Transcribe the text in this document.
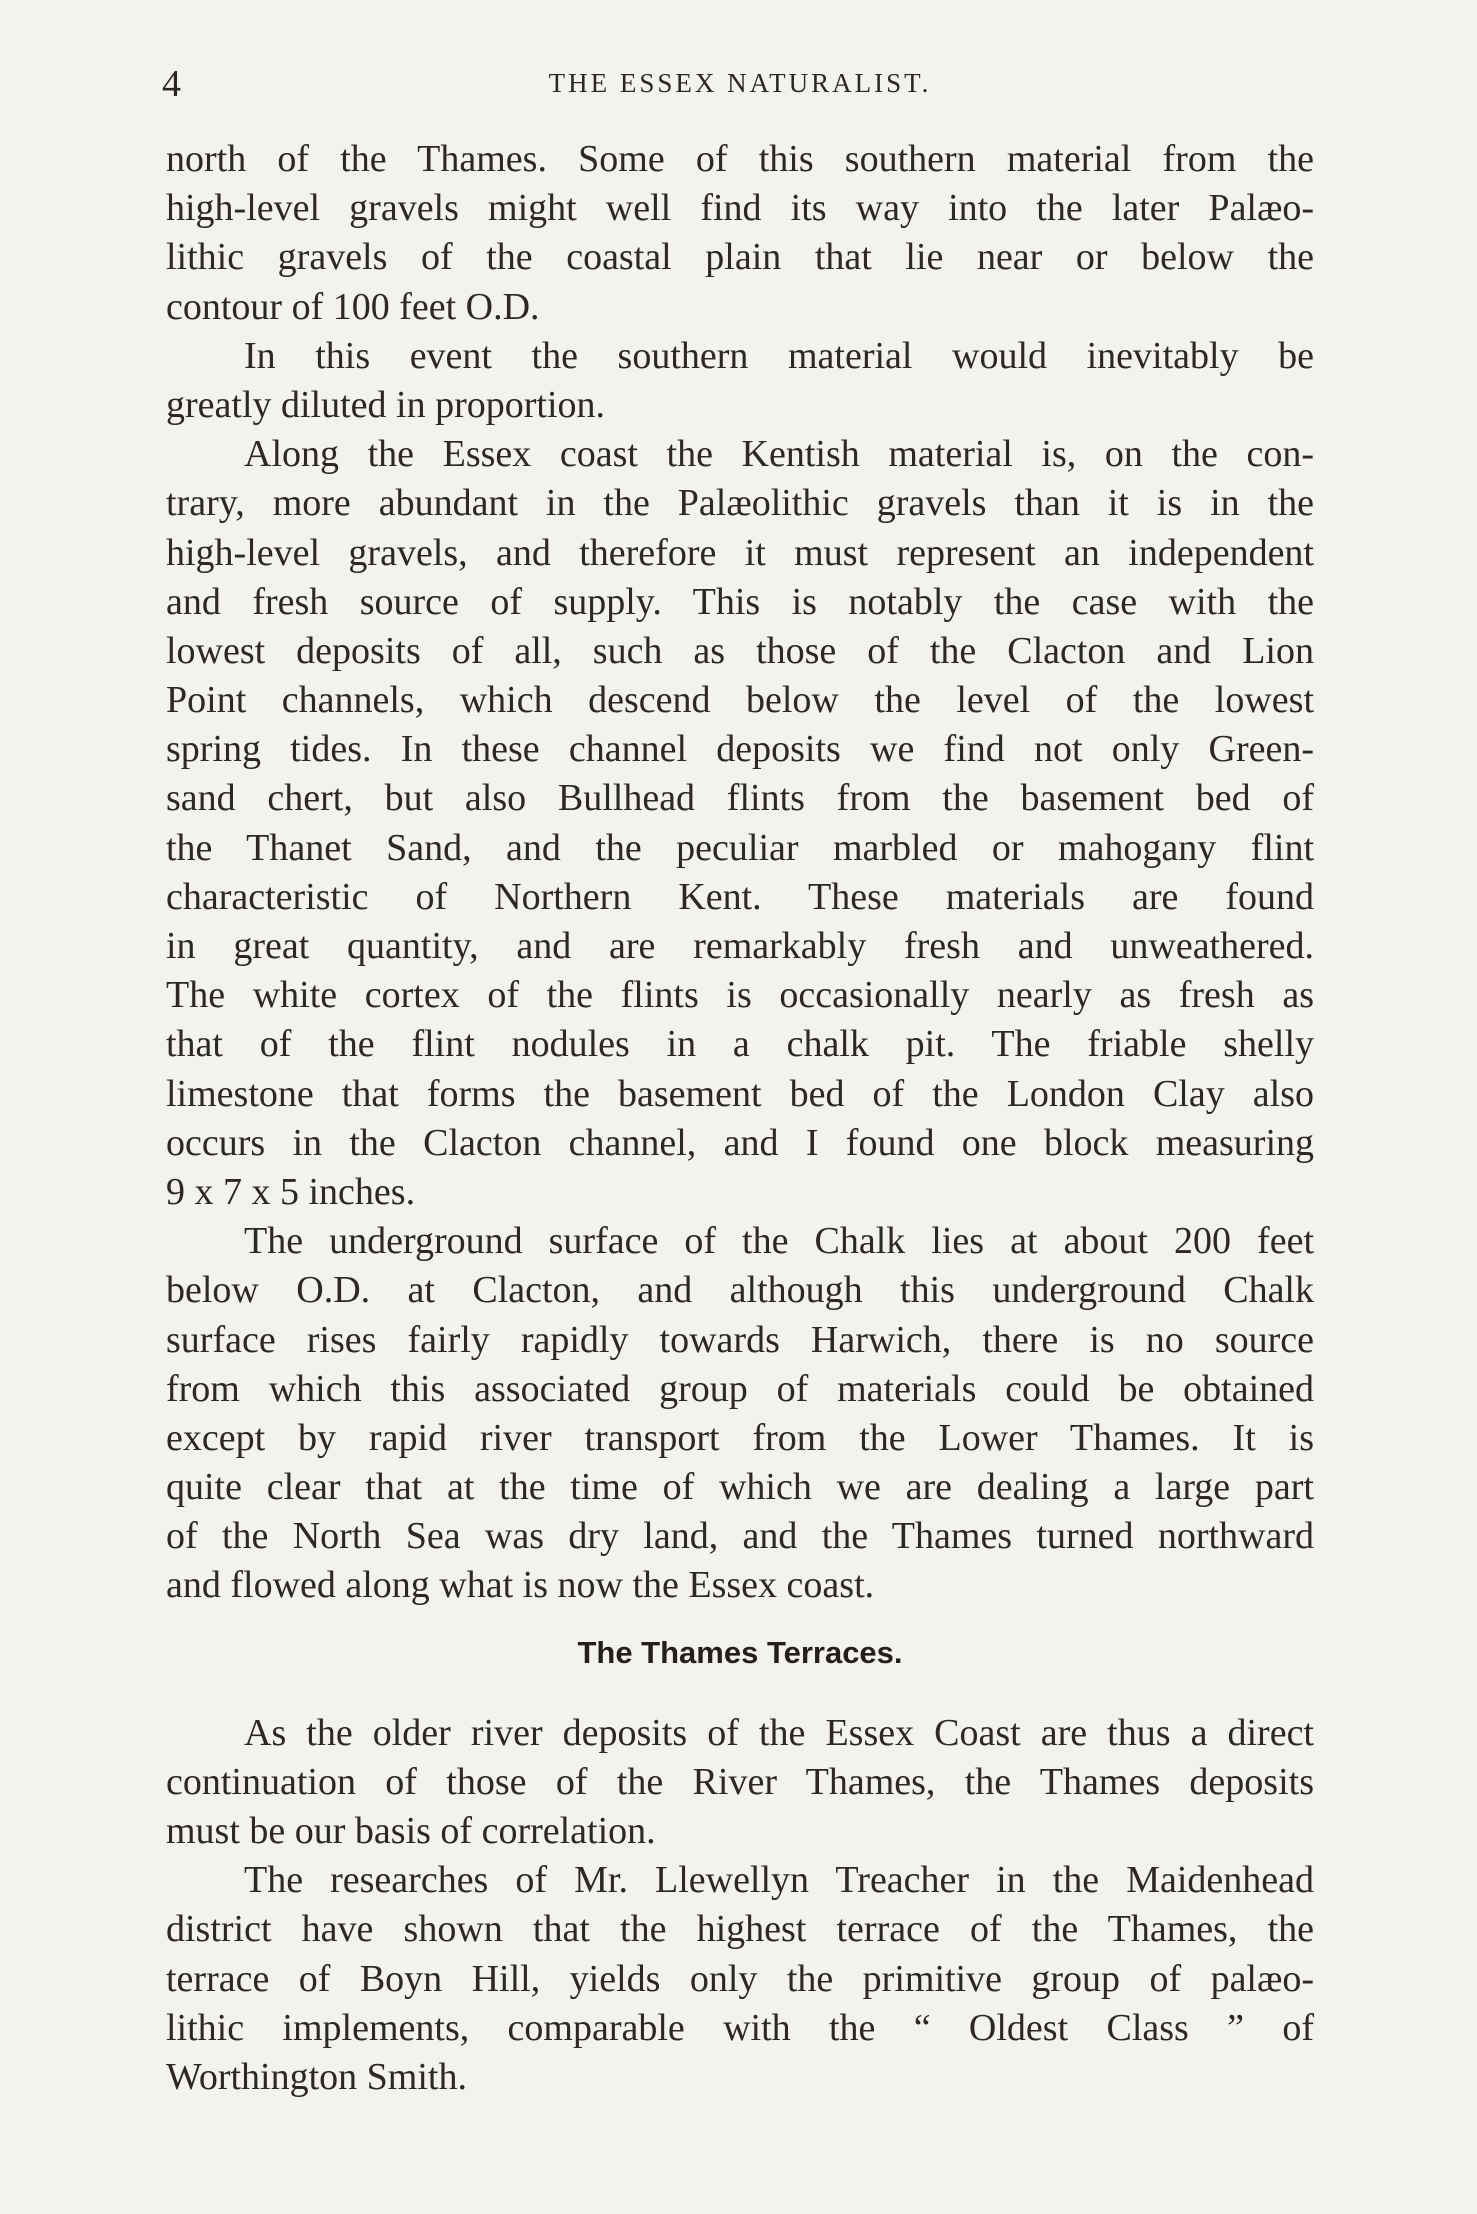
4	THE ESSEX NATURALIST.
north of the Thames. Some of this southern material from the
high-level gravels might well find its way into the later Palæo-
lithic gravels of the coastal plain that lie near or below the
contour of 100 feet O.D.
In this event the southern material would inevitably be
greatly diluted in proportion.
Along the Essex coast the Kentish material is, on the con-
trary, more abundant in the Palæolithic gravels than it is in the
high-level gravels, and therefore it must represent an independent
and fresh source of supply. This is notably the case with the
lowest deposits of all, such as those of the Clacton and Lion
Point channels, which descend below the level of the lowest
spring tides. In these channel deposits we find not only Green-
sand chert, but also Bullhead flints from the basement bed of
the Thanet Sand, and the peculiar marbled or mahogany flint
characteristic of Northern Kent. These materials are found
in great quantity, and are remarkably fresh and unweathered.
The white cortex of the flints is occasionally nearly as fresh as
that of the flint nodules in a chalk pit. The friable shelly
limestone that forms the basement bed of the London Clay also
occurs in the Clacton channel, and I found one block measuring
9 x 7 x 5 inches.
The underground surface of the Chalk lies at about 200 feet
below O.D. at Clacton, and although this underground Chalk
surface rises fairly rapidly towards Harwich, there is no source
from which this associated group of materials could be obtained
except by rapid river transport from the Lower Thames. It is
quite clear that at the time of which we are dealing a large part
of the North Sea was dry land, and the Thames turned northward
and flowed along what is now the Essex coast.
The Thames Terraces.
As the older river deposits of the Essex Coast are thus a direct
continuation of those of the River Thames, the Thames deposits
must be our basis of correlation.
The researches of Mr. Llewellyn Treacher in the Maidenhead
district have shown that the highest terrace of the Thames, the
terrace of Boyn Hill, yields only the primitive group of palæo-
lithic implements, comparable with the “ Oldest Class ” of
Worthington Smith.
